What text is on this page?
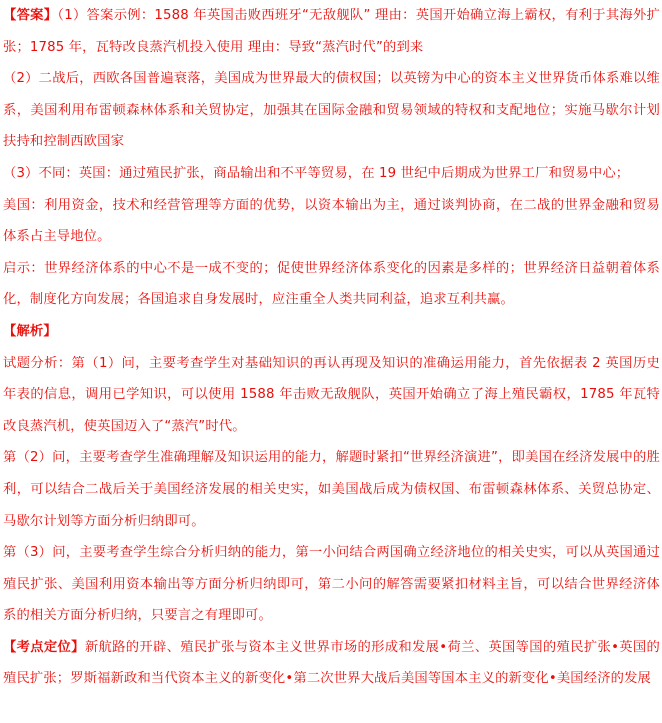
【答案】（1）答案示例：1588 年英国击败西班牙“无敌舰队” 理由：英国开始确立海上霸权，有利于其海外扩张；1785 年，瓦特改良蒸汽机投入使用 理由：导致“蒸汽时代”的到来

（2）二战后，西欧各国普遍衰落，美国成为世界最大的债权国；以英镑为中心的资本主义世界货币体系难以维系，美国利用布雷顿森林体系和关贸协定，加强其在国际金融和贸易领域的特权和支配地位；实施马歇尔计划扶持和控制西欧国家

（3）不同：英国：通过殖民扩张，商品输出和不平等贸易，在 19 世纪中后期成为世界工厂和贸易中心；

美国：利用资金，技术和经营管理等方面的优势，以资本输出为主，通过谈判协商，在二战的世界金融和贸易体系占主导地位。

启示：世界经济体系的中心不是一成不变的；促使世界经济体系变化的因素是多样的；世界经济日益朝着体系化，制度化方向发展；各国追求自身发展时，应注重全人类共同利益，追求互利共赢。

【解析】

试题分析：第（1）问，主要考查学生对基础知识的再认再现及知识的准确运用能力，首先依据表 2 英国历史年表的信息，调用已学知识，可以使用 1588 年击败无敌舰队，英国开始确立了海上殖民霸权，1785 年瓦特改良蒸汽机，使英国迈入了“蒸汽”时代。

第（2）问，主要考查学生准确理解及知识运用的能力，解题时紧扣“世界经济演进”，即美国在经济发展中的胜利，可以结合二战后关于美国经济发展的相关史实，如美国战后成为债权国、布雷顿森林体系、关贸总协定、马歇尔计划等方面分析归纳即可。

第（3）问，主要考查学生综合分析归纳的能力，第一小问结合两国确立经济地位的相关史实，可以从英国通过殖民扩张、美国利用资本输出等方面分析归纳即可，第二小问的解答需要紧扣材料主旨，可以结合世界经济体系的相关方面分析归纳，只要言之有理即可。

【考点定位】新航路的开辟、殖民扩张与资本主义世界市场的形成和发展•荷兰、英国等国的殖民扩张•英国的殖民扩张；罗斯福新政和当代资本主义的新变化•第二次世界大战后美国等国本主义的新变化•美国经济的发展
